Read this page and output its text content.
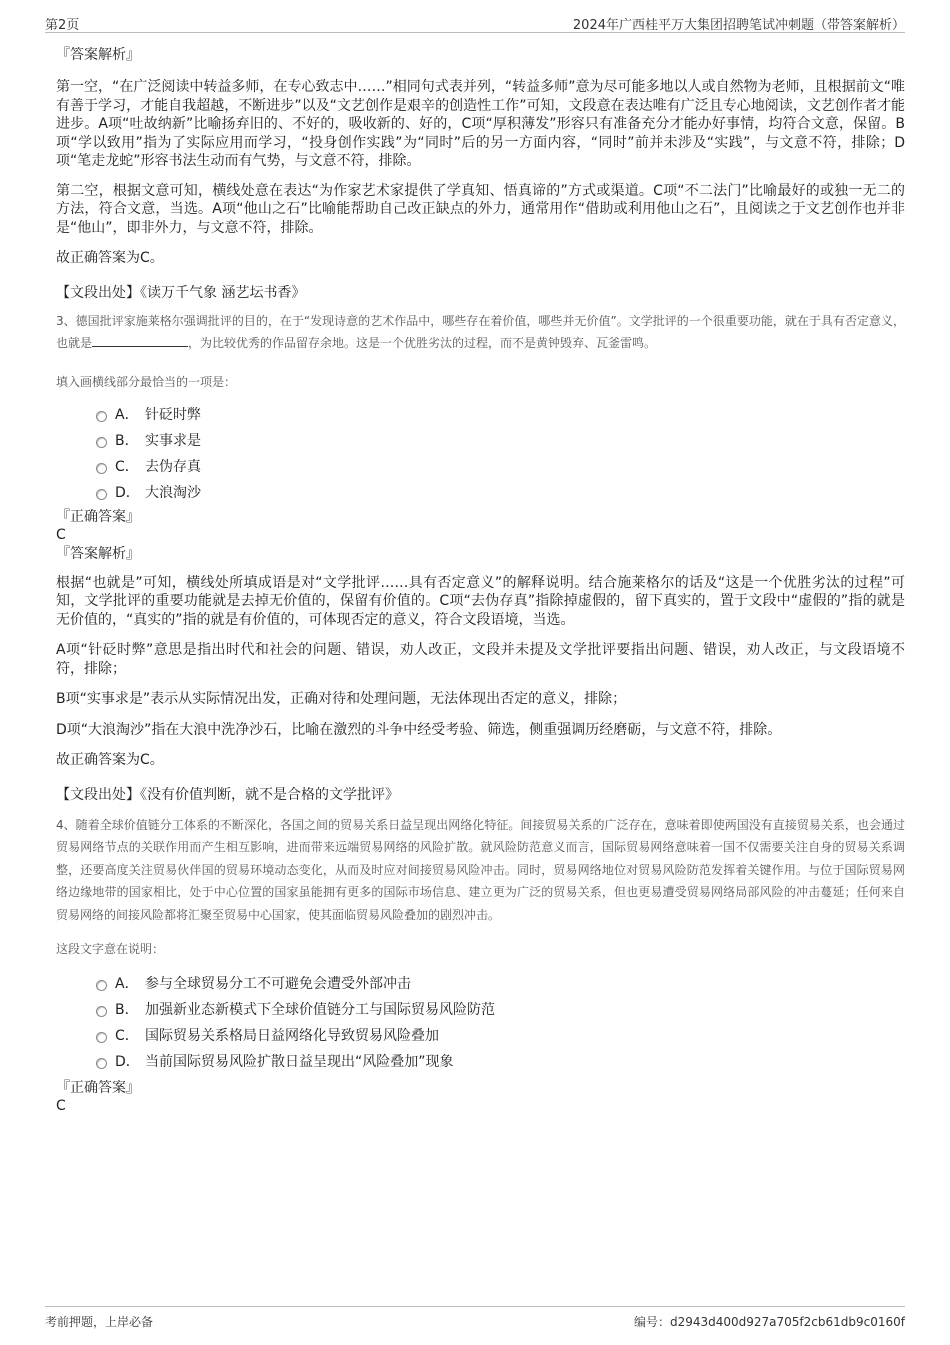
第2页	2024年广西桂平万大集团招聘笔试冲刺题（带答案解析）

『答案解析』

第一空，“在广泛阅读中转益多师，在专心致志中……”相同句式表并列，“转益多师”意为尽可能多地以人或自然物为老师，且根据前文“唯有善于学习，才能自我超越，不断进步”以及“文艺创作是艰辛的创造性工作”可知，文段意在表达唯有广泛且专心地阅读，文艺创作者才能进步。A项“吐故纳新”比喻扬弃旧的、不好的，吸收新的、好的，C项“厚积薄发”形容只有准备充分才能办好事情，均符合文意，保留。B项“学以致用”指为了实际应用而学习，“投身创作实践”为“同时”后的另一方面内容，“同时”前并未涉及“实践”，与文意不符，排除；D项“笔走龙蛇”形容书法生动而有气势，与文意不符，排除。

第二空，根据文意可知，横线处意在表达“为作家艺术家提供了学真知、悟真谛的”方式或渠道。C项“不二法门”比喻最好的或独一无二的方法，符合文意，当选。A项“他山之石”比喻能帮助自己改正缺点的外力，通常用作“借助或利用他山之石”，且阅读之于文艺创作也并非是“他山”，即非外力，与文意不符，排除。

故正确答案为C。

【文段出处】《读万千气象 涵艺坛书香》

3、德国批评家施莱格尔强调批评的目的，在于“发现诗意的艺术作品中，哪些存在着价值，哪些并无价值”。文学批评的一个很重要功能，就在于具有否定意义，也就是	，为比较优秀的作品留存余地。这是一个优胜劣汰的过程，而不是黄钟毁弃、瓦釜雷鸣。

填入画横线部分最恰当的一项是：

A． 针砭时弊
B． 实事求是
C． 去伪存真
D． 大浪淘沙

『正确答案』

C

『答案解析』

根据“也就是”可知，横线处所填成语是对“文学批评……具有否定意义”的解释说明。结合施莱格尔的话及“这是一个优胜劣汰的过程”可知，文学批评的重要功能就是去掉无价值的，保留有价值的。C项“去伪存真”指除掉虚假的，留下真实的，置于文段中“虚假的”指的就是无价值的，“真实的”指的就是有价值的，可体现否定的意义，符合文段语境，当选。

A项“针砭时弊”意思是指出时代和社会的问题、错误，劝人改正，文段并未提及文学批评要指出问题、错误，劝人改正，与文段语境不符，排除；

B项“实事求是”表示从实际情况出发，正确对待和处理问题，无法体现出否定的意义，排除；

D项“大浪淘沙”指在大浪中洗净沙石，比喻在激烈的斗争中经受考验、筛选，侧重强调历经磨砺，与文意不符，排除。

故正确答案为C。

【文段出处】《没有价值判断，就不是合格的文学批评》

4、随着全球价值链分工体系的不断深化，各国之间的贸易关系日益呈现出网络化特征。间接贸易关系的广泛存在，意味着即使两国没有直接贸易关系，也会通过贸易网络节点的关联作用而产生相互影响，进而带来远端贸易网络的风险扩散。就风险防范意义而言，国际贸易网络意味着一国不仅需要关注自身的贸易关系调整，还要高度关注贸易伙伴国的贸易环境动态变化，从而及时应对间接贸易风险冲击。同时，贸易网络地位对贸易风险防范发挥着关键作用。与位于国际贸易网络边缘地带的国家相比，处于中心位置的国家虽能拥有更多的国际市场信息、建立更为广泛的贸易关系，但也更易遭受贸易网络局部风险的冲击蔓延；任何来自贸易网络的间接风险都将汇聚至贸易中心国家，使其面临贸易风险叠加的剧烈冲击。

这段文字意在说明：

A． 参与全球贸易分工不可避免会遭受外部冲击
B． 加强新业态新模式下全球价值链分工与国际贸易风险防范
C． 国际贸易关系格局日益网络化导致贸易风险叠加
D． 当前国际贸易风险扩散日益呈现出“风险叠加”现象

『正确答案』

C

考前押题，上岸必备	编号：d2943d400d927a705f2cb61db9c0160f
